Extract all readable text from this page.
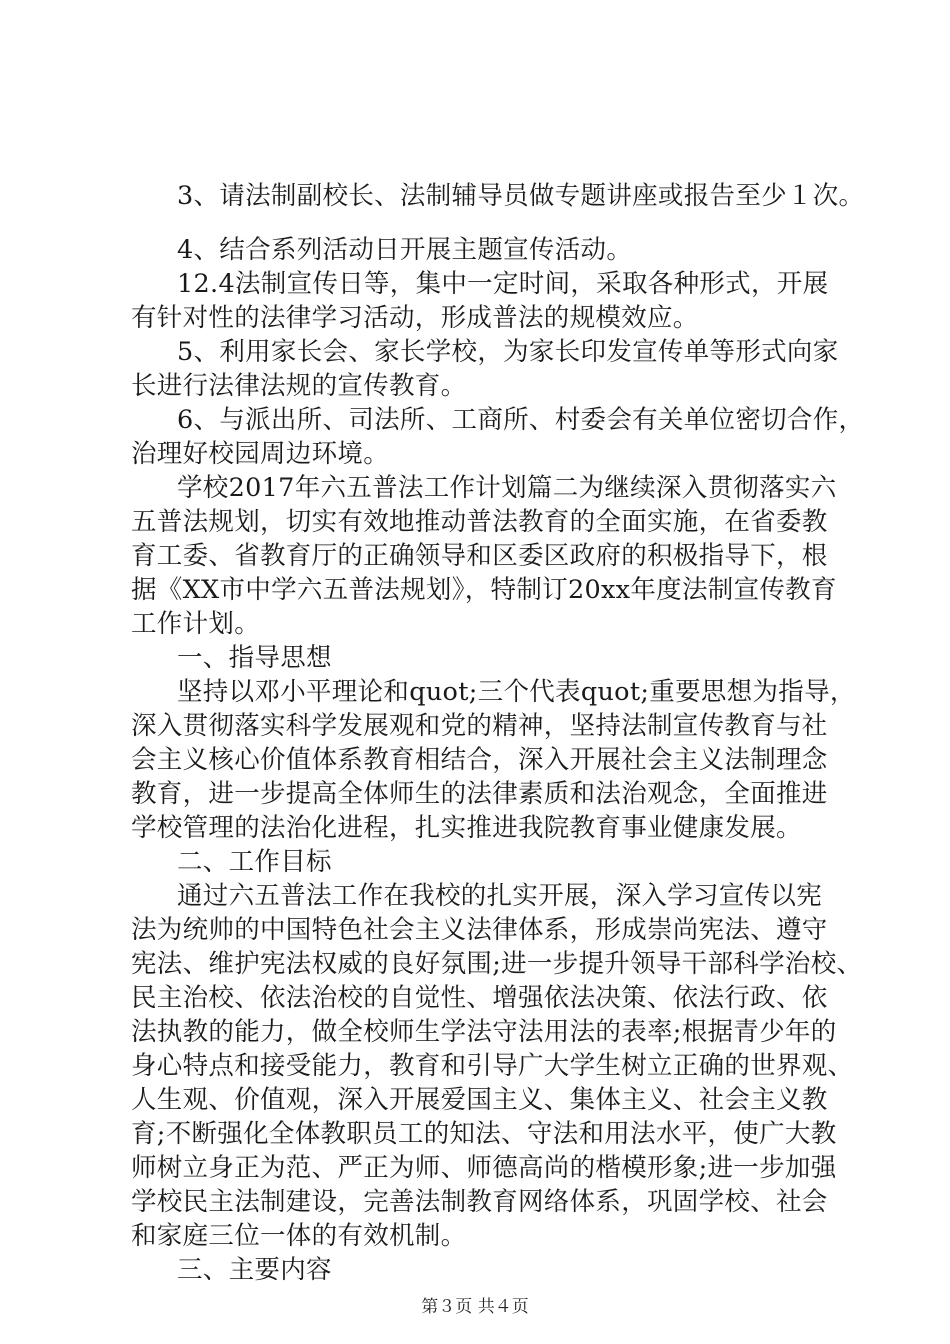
3、请法制副校长、法制辅导员做专题讲座或报告至少１次。
4、结合系列活动日开展主题宣传活动。
12.4法制宣传日等，集中一定时间，采取各种形式，开展
有针对性的法律学习活动，形成普法的规模效应。
5、利用家长会、家长学校，为家长印发宣传单等形式向家
长进行法律法规的宣传教育。
6、与派出所、司法所、工商所、村委会有关单位密切合作，
治理好校园周边环境。
学校2017年六五普法工作计划篇二为继续深入贯彻落实六
五普法规划，切实有效地推动普法教育的全面实施，在省委教
育工委、省教育厅的正确领导和区委区政府的积极指导下，根
据《XX市中学六五普法规划》，特制订20xx年度法制宣传教育
工作计划。
一、指导思想
坚持以邓小平理论和quot;三个代表quot;重要思想为指导，
深入贯彻落实科学发展观和党的精神，坚持法制宣传教育与社
会主义核心价值体系教育相结合，深入开展社会主义法制理念
教育，进一步提高全体师生的法律素质和法治观念，全面推进
学校管理的法治化进程，扎实推进我院教育事业健康发展。
二、工作目标
通过六五普法工作在我校的扎实开展，深入学习宣传以宪
法为统帅的中国特色社会主义法律体系，形成崇尚宪法、遵守
宪法、维护宪法权威的良好氛围;进一步提升领导干部科学治校、
民主治校、依法治校的自觉性、增强依法决策、依法行政、依
法执教的能力，做全校师生学法守法用法的表率;根据青少年的
身心特点和接受能力，教育和引导广大学生树立正确的世界观、
人生观、价值观，深入开展爱国主义、集体主义、社会主义教
育;不断强化全体教职员工的知法、守法和用法水平，使广大教
师树立身正为范、严正为师、师德高尚的楷模形象;进一步加强
学校民主法制建设，完善法制教育网络体系，巩固学校、社会
和家庭三位一体的有效机制。
三、主要内容
第３页 共４页
